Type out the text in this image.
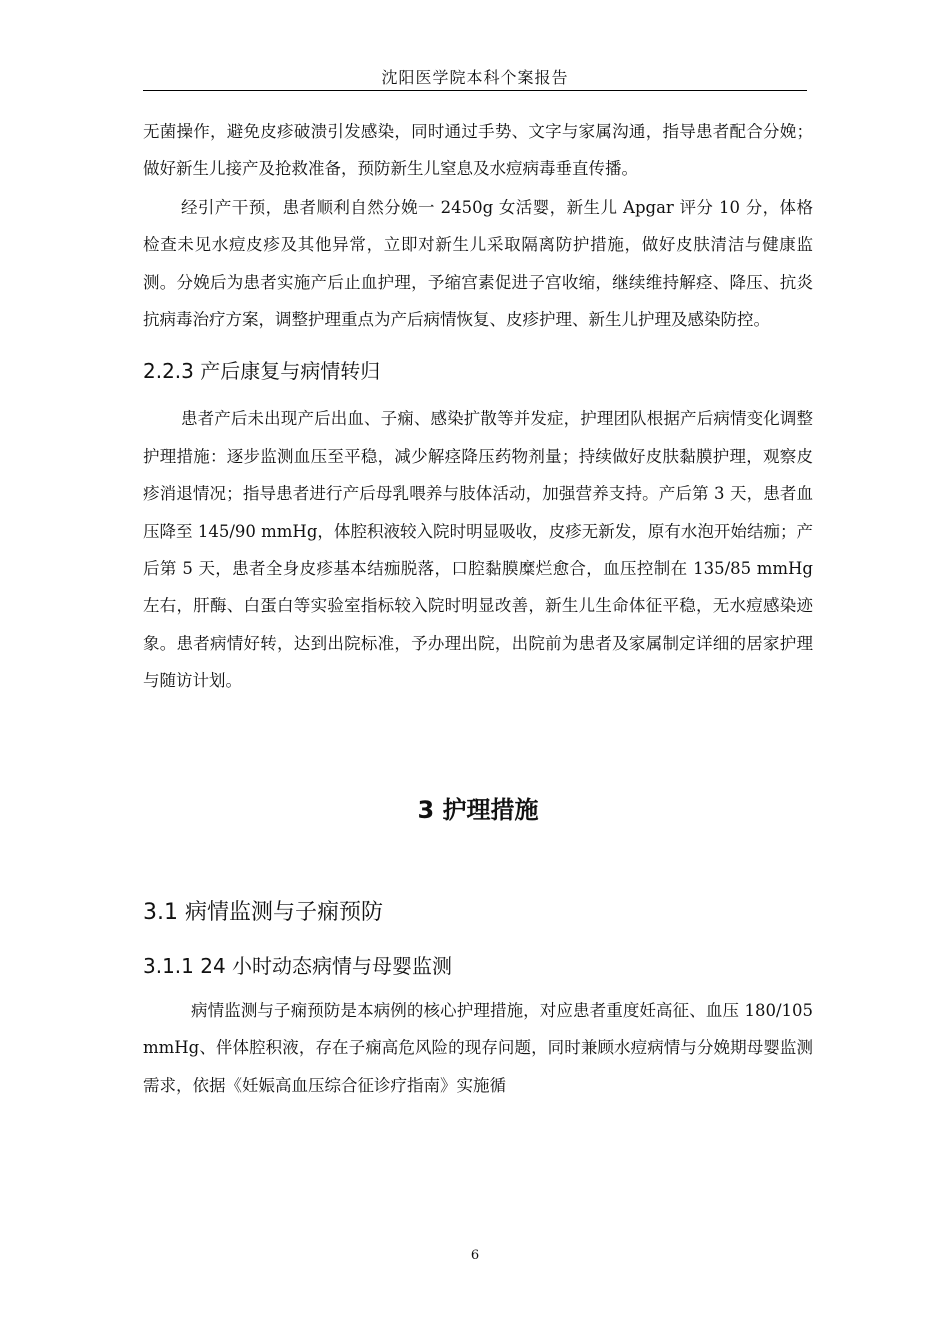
沈阳医学院本科个案报告

无菌操作，避免皮疹破溃引发感染，同时通过手势、文字与家属沟通，指导患者配合分娩；做好新生儿接产及抢救准备，预防新生儿窒息及水痘病毒垂直传播。

经引产干预，患者顺利自然分娩一 2450g 女活婴，新生儿 Apgar 评分 10 分，体格检查未见水痘皮疹及其他异常，立即对新生儿采取隔离防护措施，做好皮肤清洁与健康监测。分娩后为患者实施产后止血护理，予缩宫素促进子宫收缩，继续维持解痉、降压、抗炎抗病毒治疗方案，调整护理重点为产后病情恢复、皮疹护理、新生儿护理及感染防控。

2.2.3 产后康复与病情转归

患者产后未出现产后出血、子痫、感染扩散等并发症，护理团队根据产后病情变化调整护理措施：逐步监测血压至平稳，减少解痉降压药物剂量；持续做好皮肤黏膜护理，观察皮疹消退情况；指导患者进行产后母乳喂养与肢体活动，加强营养支持。产后第 3 天，患者血压降至 145/90 mmHg，体腔积液较入院时明显吸收，皮疹无新发，原有水泡开始结痂；产后第 5 天，患者全身皮疹基本结痂脱落，口腔黏膜糜烂愈合，血压控制在 135/85 mmHg 左右，肝酶、白蛋白等实验室指标较入院时明显改善，新生儿生命体征平稳，无水痘感染迹象。患者病情好转，达到出院标准，予办理出院，出院前为患者及家属制定详细的居家护理与随访计划。

3 护理措施
3.1 病情监测与子痫预防
3.1.1 24 小时动态病情与母婴监测

病情监测与子痫预防是本病例的核心护理措施，对应患者重度妊高征、血压 180/105 mmHg、伴体腔积液，存在子痫高危风险的现存问题，同时兼顾水痘病情与分娩期母婴监测需求，依据《妊娠高血压综合征诊疗指南》实施循

6
